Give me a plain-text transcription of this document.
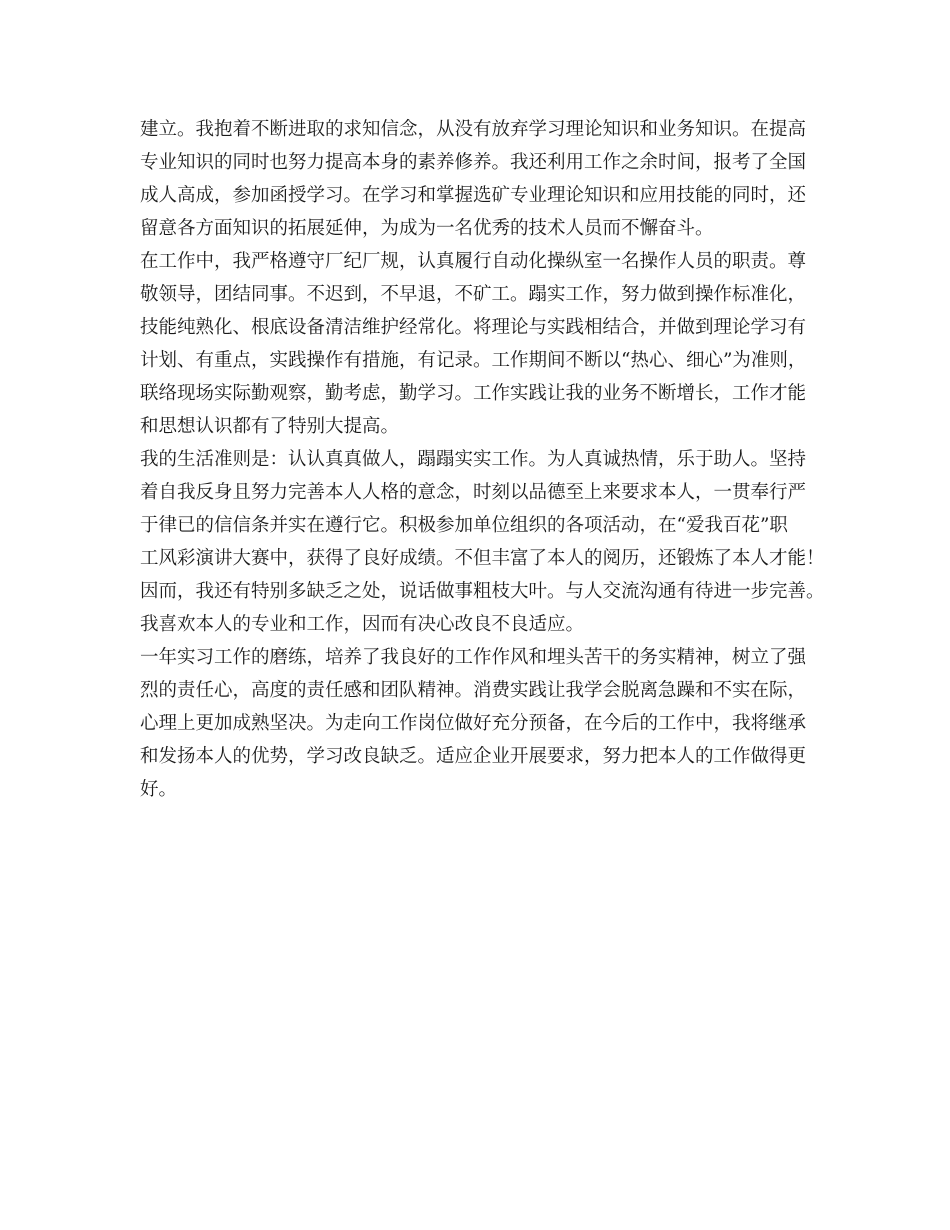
建立。我抱着不断进取的求知信念，从没有放弃学习理论知识和业务知识。在提高
专业知识的同时也努力提高本身的素养修养。我还利用工作之余时间，报考了全国
成人高成，参加函授学习。在学习和掌握选矿专业理论知识和应用技能的同时，还
留意各方面知识的拓展延伸，为成为一名优秀的技术人员而不懈奋斗。
在工作中，我严格遵守厂纪厂规，认真履行自动化操纵室一名操作人员的职责。尊
敬领导，团结同事。不迟到，不早退，不矿工。蹋实工作，努力做到操作标准化，
技能纯熟化、根底设备清洁维护经常化。将理论与实践相结合，并做到理论学习有
计划、有重点，实践操作有措施，有记录。工作期间不断以“热心、细心”为准则，
联络现场实际勤观察，勤考虑，勤学习。工作实践让我的业务不断增长，工作才能
和思想认识都有了特别大提高。
我的生活准则是：认认真真做人，蹋蹋实实工作。为人真诚热情，乐于助人。坚持
着自我反身且努力完善本人人格的意念，时刻以品德至上来要求本人，一贯奉行严
于律已的信信条并实在遵行它。积极参加单位组织的各项活动，在“爱我百花”职
工风彩演讲大赛中，获得了良好成绩。不但丰富了本人的阅历，还锻炼了本人才能！
因而，我还有特别多缺乏之处，说话做事粗枝大叶。与人交流沟通有待进一步完善。
我喜欢本人的专业和工作，因而有决心改良不良适应。
一年实习工作的磨练，培养了我良好的工作作风和埋头苦干的务实精神，树立了强
烈的责任心，高度的责任感和团队精神。消费实践让我学会脱离急躁和不实在际，
心理上更加成熟坚决。为走向工作岗位做好充分预备，在今后的工作中，我将继承
和发扬本人的优势，学习改良缺乏。适应企业开展要求，努力把本人的工作做得更
好。
